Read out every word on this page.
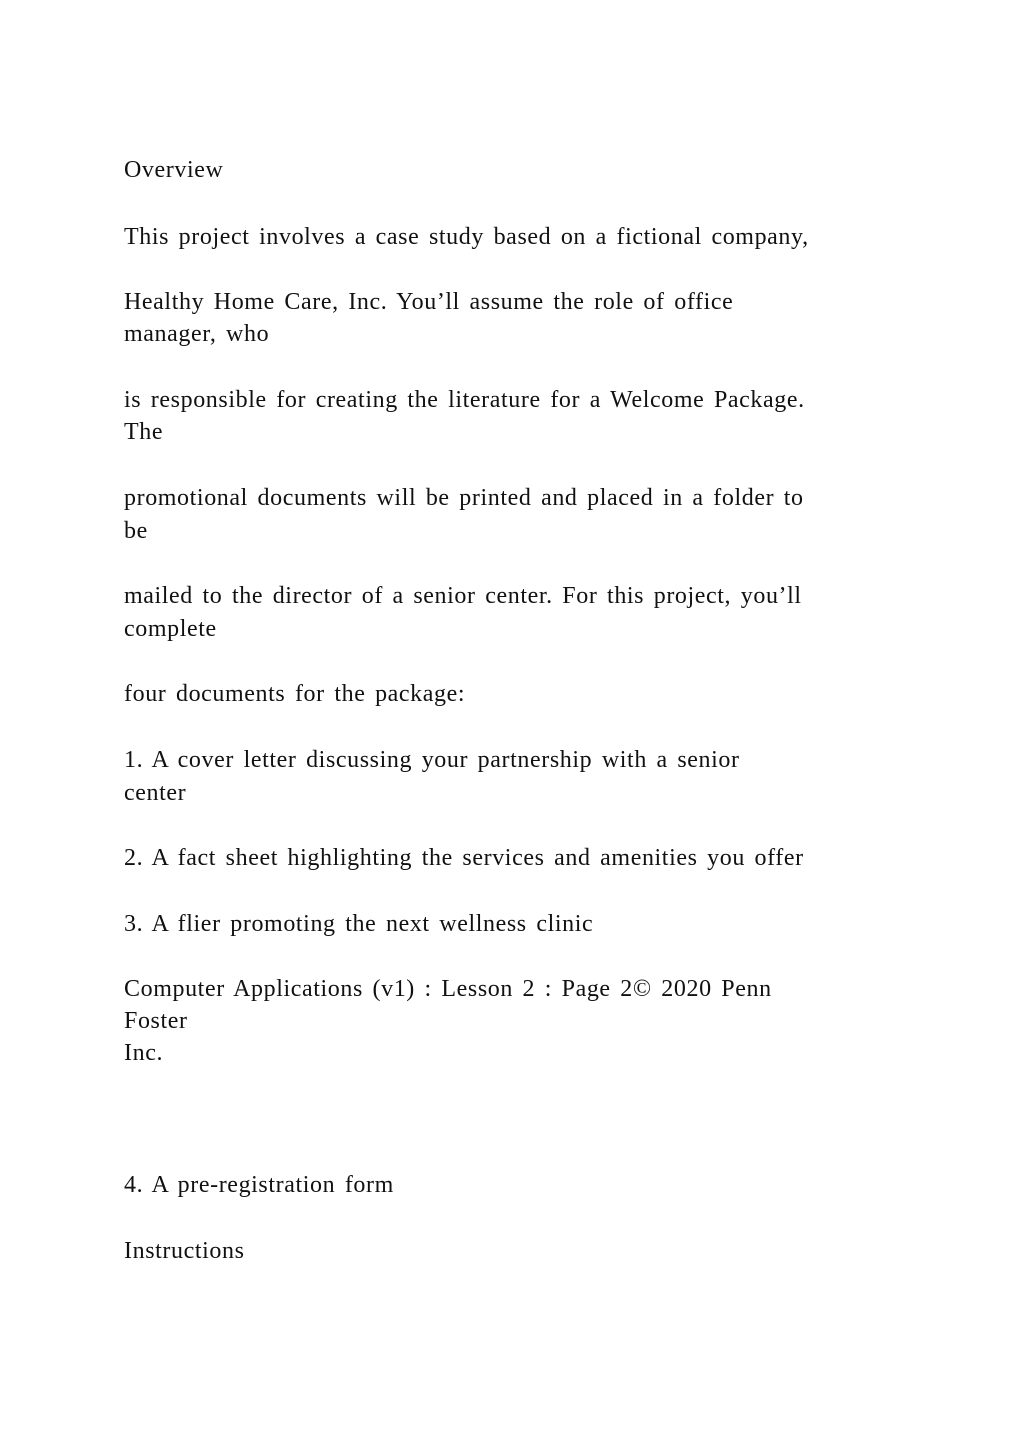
Overview

This project involves a case study based on a fictional company,

Healthy Home Care, Inc. You’ll assume the role of office

manager, who

is responsible for creating the literature for a Welcome Package.

The

promotional documents will be printed and placed in a folder to

be

mailed to the director of a senior center. For this project, you’ll

complete

four documents for the package:

1. A cover letter discussing your partnership with a senior

center

2. A fact sheet highlighting the services and amenities you offer

3. A flier promoting the next wellness clinic

Computer Applications (v1) : Lesson 2 : Page 2© 2020 Penn

Foster

Inc.

4. A pre-registration form

Instructions
